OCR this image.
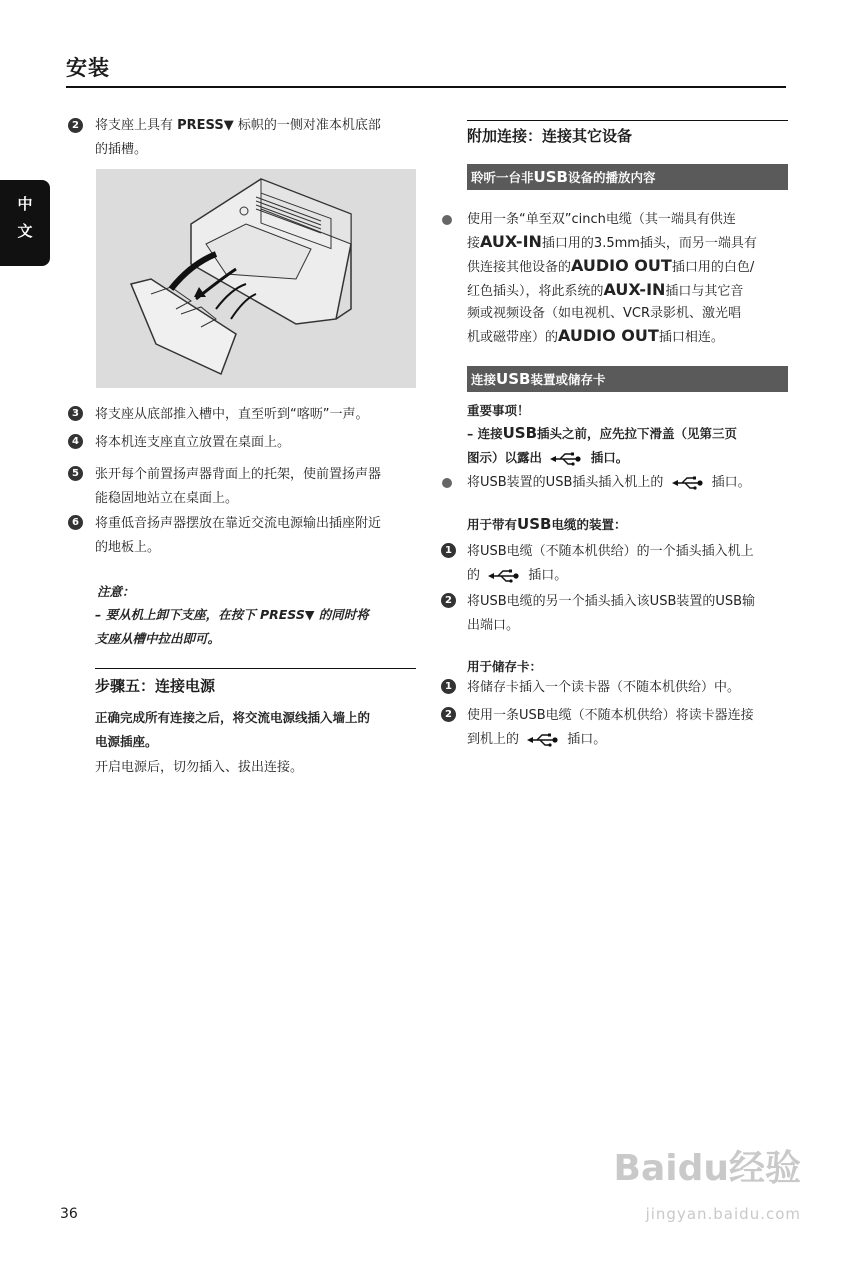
安装
中文
2	将支座上具有 PRESS▼ 标帜的一侧对准本机底部
的插槽。
3	将支座从底部推入槽中，直至听到“喀呖”一声。
4	将本机连支座直立放置在桌面上。
5	张开每个前置扬声器背面上的托架，使前置扬声器
能稳固地站立在桌面上。
6	将重低音扬声器摆放在靠近交流电源输出插座附近
的地板上。
注意：
– 要从机上卸下支座，在按下 PRESS▼ 的同时将
支座从槽中拉出即可。
步骤五：连接电源
正确完成所有连接之后，将交流电源线插入墙上的
电源插座。
开启电源后，切勿插入、拔出连接。
附加连接：连接其它设备
聆听一台非 USB 设备的播放内容
使用一条“单至双”cinch电缆（其一端具有供连
接AUX-IN插口用的3.5mm插头，而另一端具有
供连接其他设备的AUDIO OUT插口用的白色/
红色插头），将此系统的AUX-IN插口与其它音
频或视频设备（如电视机、VCR录影机、激光唱
机或磁带座）的AUDIO OUT插口相连。
连接 USB 装置或储存卡
重要事项！
– 连接USB插头之前，应先拉下滑盖（见第三页
图示）以露出	插口。
将USB装置的USB插头插入机上的	插口。
用于带有USB电缆的装置：
1	将USB电缆（不随本机供给）的一个插头插入机上
的	插口。
2	将USB电缆的另一个插头插入该USB装置的USB输
出端口。
用于储存卡：
1	将储存卡插入一个读卡器（不随本机供给）中。
2	使用一条USB电缆（不随本机供给）将读卡器连接
到机上的	插口。
36
Baidu经验
jingyan.baidu.com
